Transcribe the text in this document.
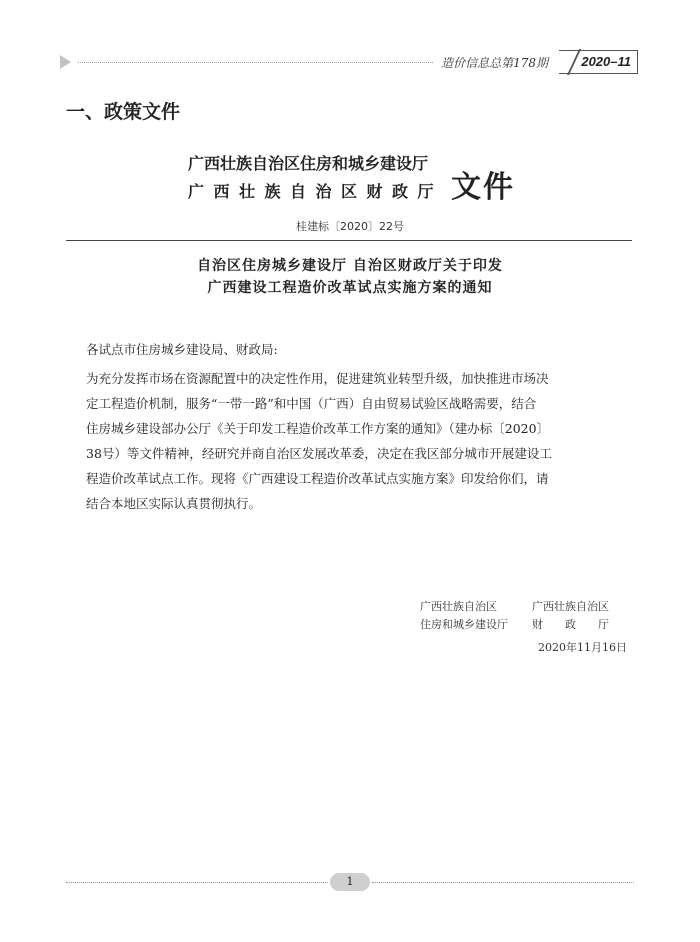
造价信息总第178期	2020–11
一、政策文件
广西壮族自治区住房和城乡建设厅
广西壮族自治区财政厅 文件
桂建标〔2020〕22号
自治区住房城乡建设厅 自治区财政厅关于印发
广西建设工程造价改革试点实施方案的通知
各试点市住房城乡建设局、财政局:
为充分发挥市场在资源配置中的决定性作用，促进建筑业转型升级，加快推进市场决
定工程造价机制，服务“一带一路”和中国（广西）自由贸易试验区战略需要，结合
住房城乡建设部办公厅《关于印发工程造价改革工作方案的通知》（建办标〔2020〕
38号）等文件精神，经研究并商自治区发展改革委，决定在我区部分城市开展建设工
程造价改革试点工作。现将《广西建设工程造价改革试点实施方案》印发给你们，请
结合本地区实际认真贯彻执行。
广西壮族自治区	广西壮族自治区
住房和城乡建设厅 财　　政　　厅
2020年11月16日
1
